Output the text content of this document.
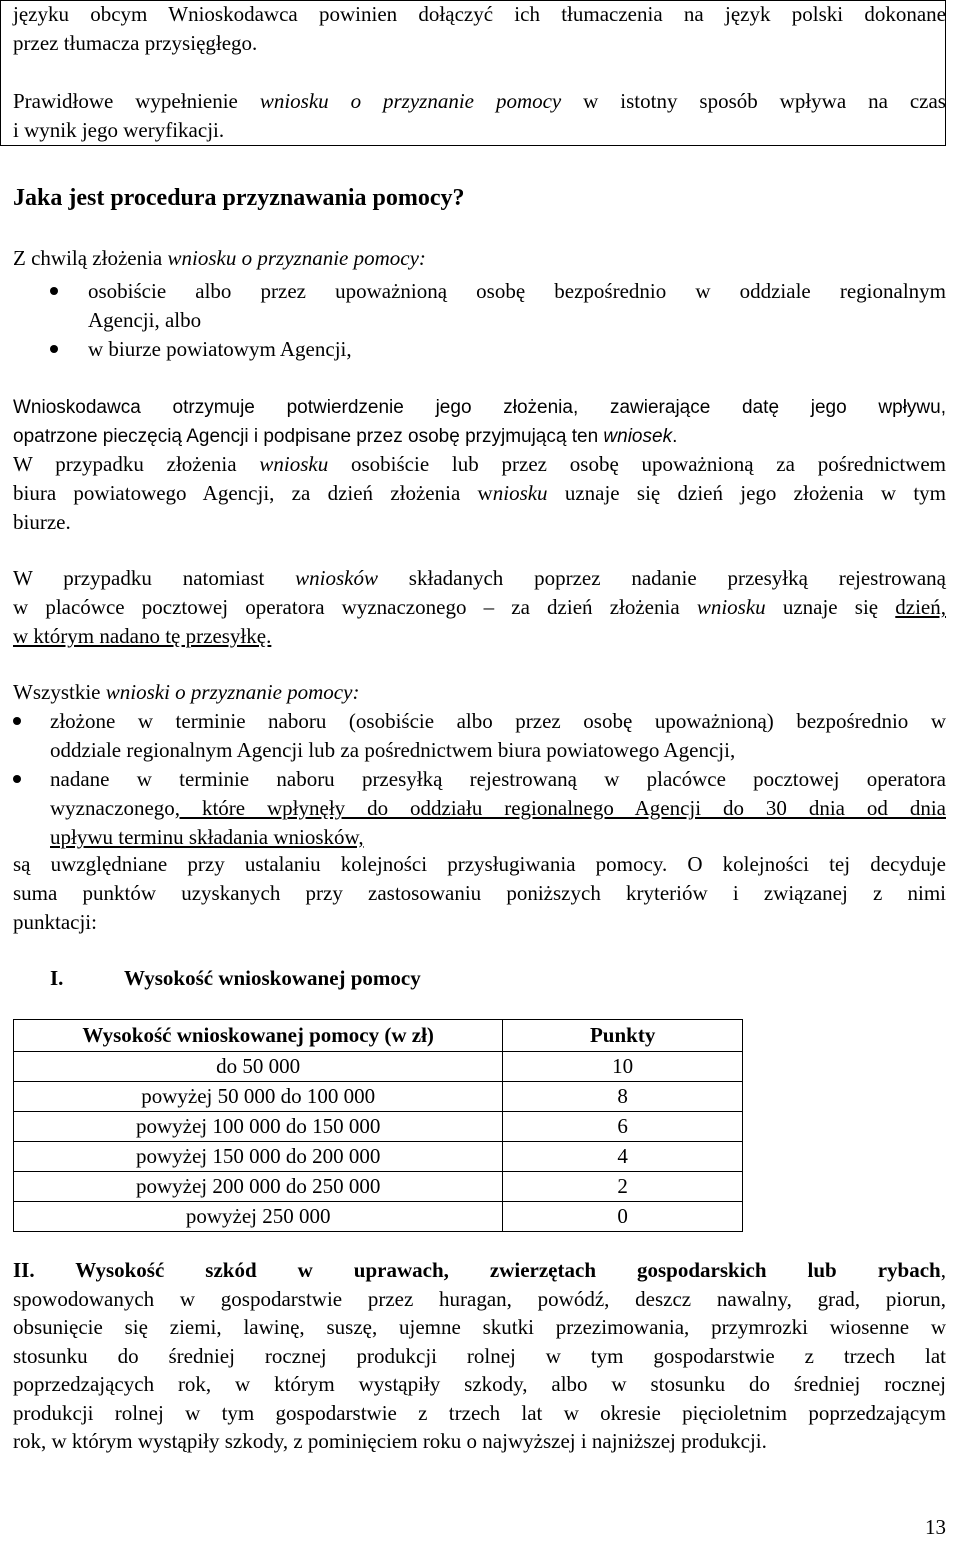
języku obcym Wnioskodawca powinien dołączyć ich tłumaczenia na język polski dokonane
przez tłumacza przysięgłego.
Prawidłowe wypełnienie wniosku o przyznanie pomocy w istotny sposób wpływa na czas
i wynik jego weryfikacji.
Jaka jest procedura przyznawania pomocy?
Z chwilą złożenia wniosku o przyznanie pomocy:
osobiście albo przez upoważnioną osobę bezpośrednio w oddziale regionalnym
Agencji, albo
w biurze powiatowym Agencji,
Wnioskodawca otrzymuje potwierdzenie jego złożenia, zawierające datę jego wpływu,
opatrzone pieczęcią Agencji i podpisane przez osobę przyjmującą ten wniosek.
W przypadku złożenia wniosku osobiście lub przez osobę upoważnioną za pośrednictwem
biura powiatowego Agencji, za dzień złożenia wniosku uznaje się dzień jego złożenia w tym
biurze.
W przypadku natomiast wniosków składanych poprzez nadanie przesyłką rejestrowaną
w placówce pocztowej operatora wyznaczonego – za dzień złożenia wniosku uznaje się dzień,
w którym nadano tę przesyłkę.
Wszystkie wnioski o przyznanie pomocy:
złożone w terminie naboru (osobiście albo przez osobę upoważnioną) bezpośrednio w
oddziale regionalnym Agencji lub za pośrednictwem biura powiatowego Agencji,
nadane w terminie naboru przesyłką rejestrowaną w placówce pocztowej operatora
wyznaczonego, które wpłynęły do oddziału regionalnego Agencji do 30 dnia od dnia
upływu terminu składania wniosków,
są uwzględniane przy ustalaniu kolejności przysługiwania pomocy. O kolejności tej decyduje
suma punktów uzyskanych przy zastosowaniu poniższych kryteriów i związanej z nimi
punktacji:
I.	Wysokość wnioskowanej pomocy
Wysokość wnioskowanej pomocy (w zł)	Punkty
do 50 000	10
powyżej 50 000 do 100 000	8
powyżej 100 000 do 150 000	6
powyżej 150 000 do 200 000	4
powyżej 200 000 do 250 000	2
powyżej 250 000	0
II. Wysokość szkód w uprawach, zwierzętach gospodarskich lub rybach,
spowodowanych w gospodarstwie przez huragan, powódź, deszcz nawalny, grad, piorun,
obsunięcie się ziemi, lawinę, suszę, ujemne skutki przezimowania, przymrozki wiosenne w
stosunku do średniej rocznej produkcji rolnej w tym gospodarstwie z trzech lat
poprzedzających rok, w którym wystąpiły szkody, albo w stosunku do średniej rocznej
produkcji rolnej w tym gospodarstwie z trzech lat w okresie pięcioletnim poprzedzającym
rok, w którym wystąpiły szkody, z pominięciem roku o najwyższej i najniższej produkcji.
13
